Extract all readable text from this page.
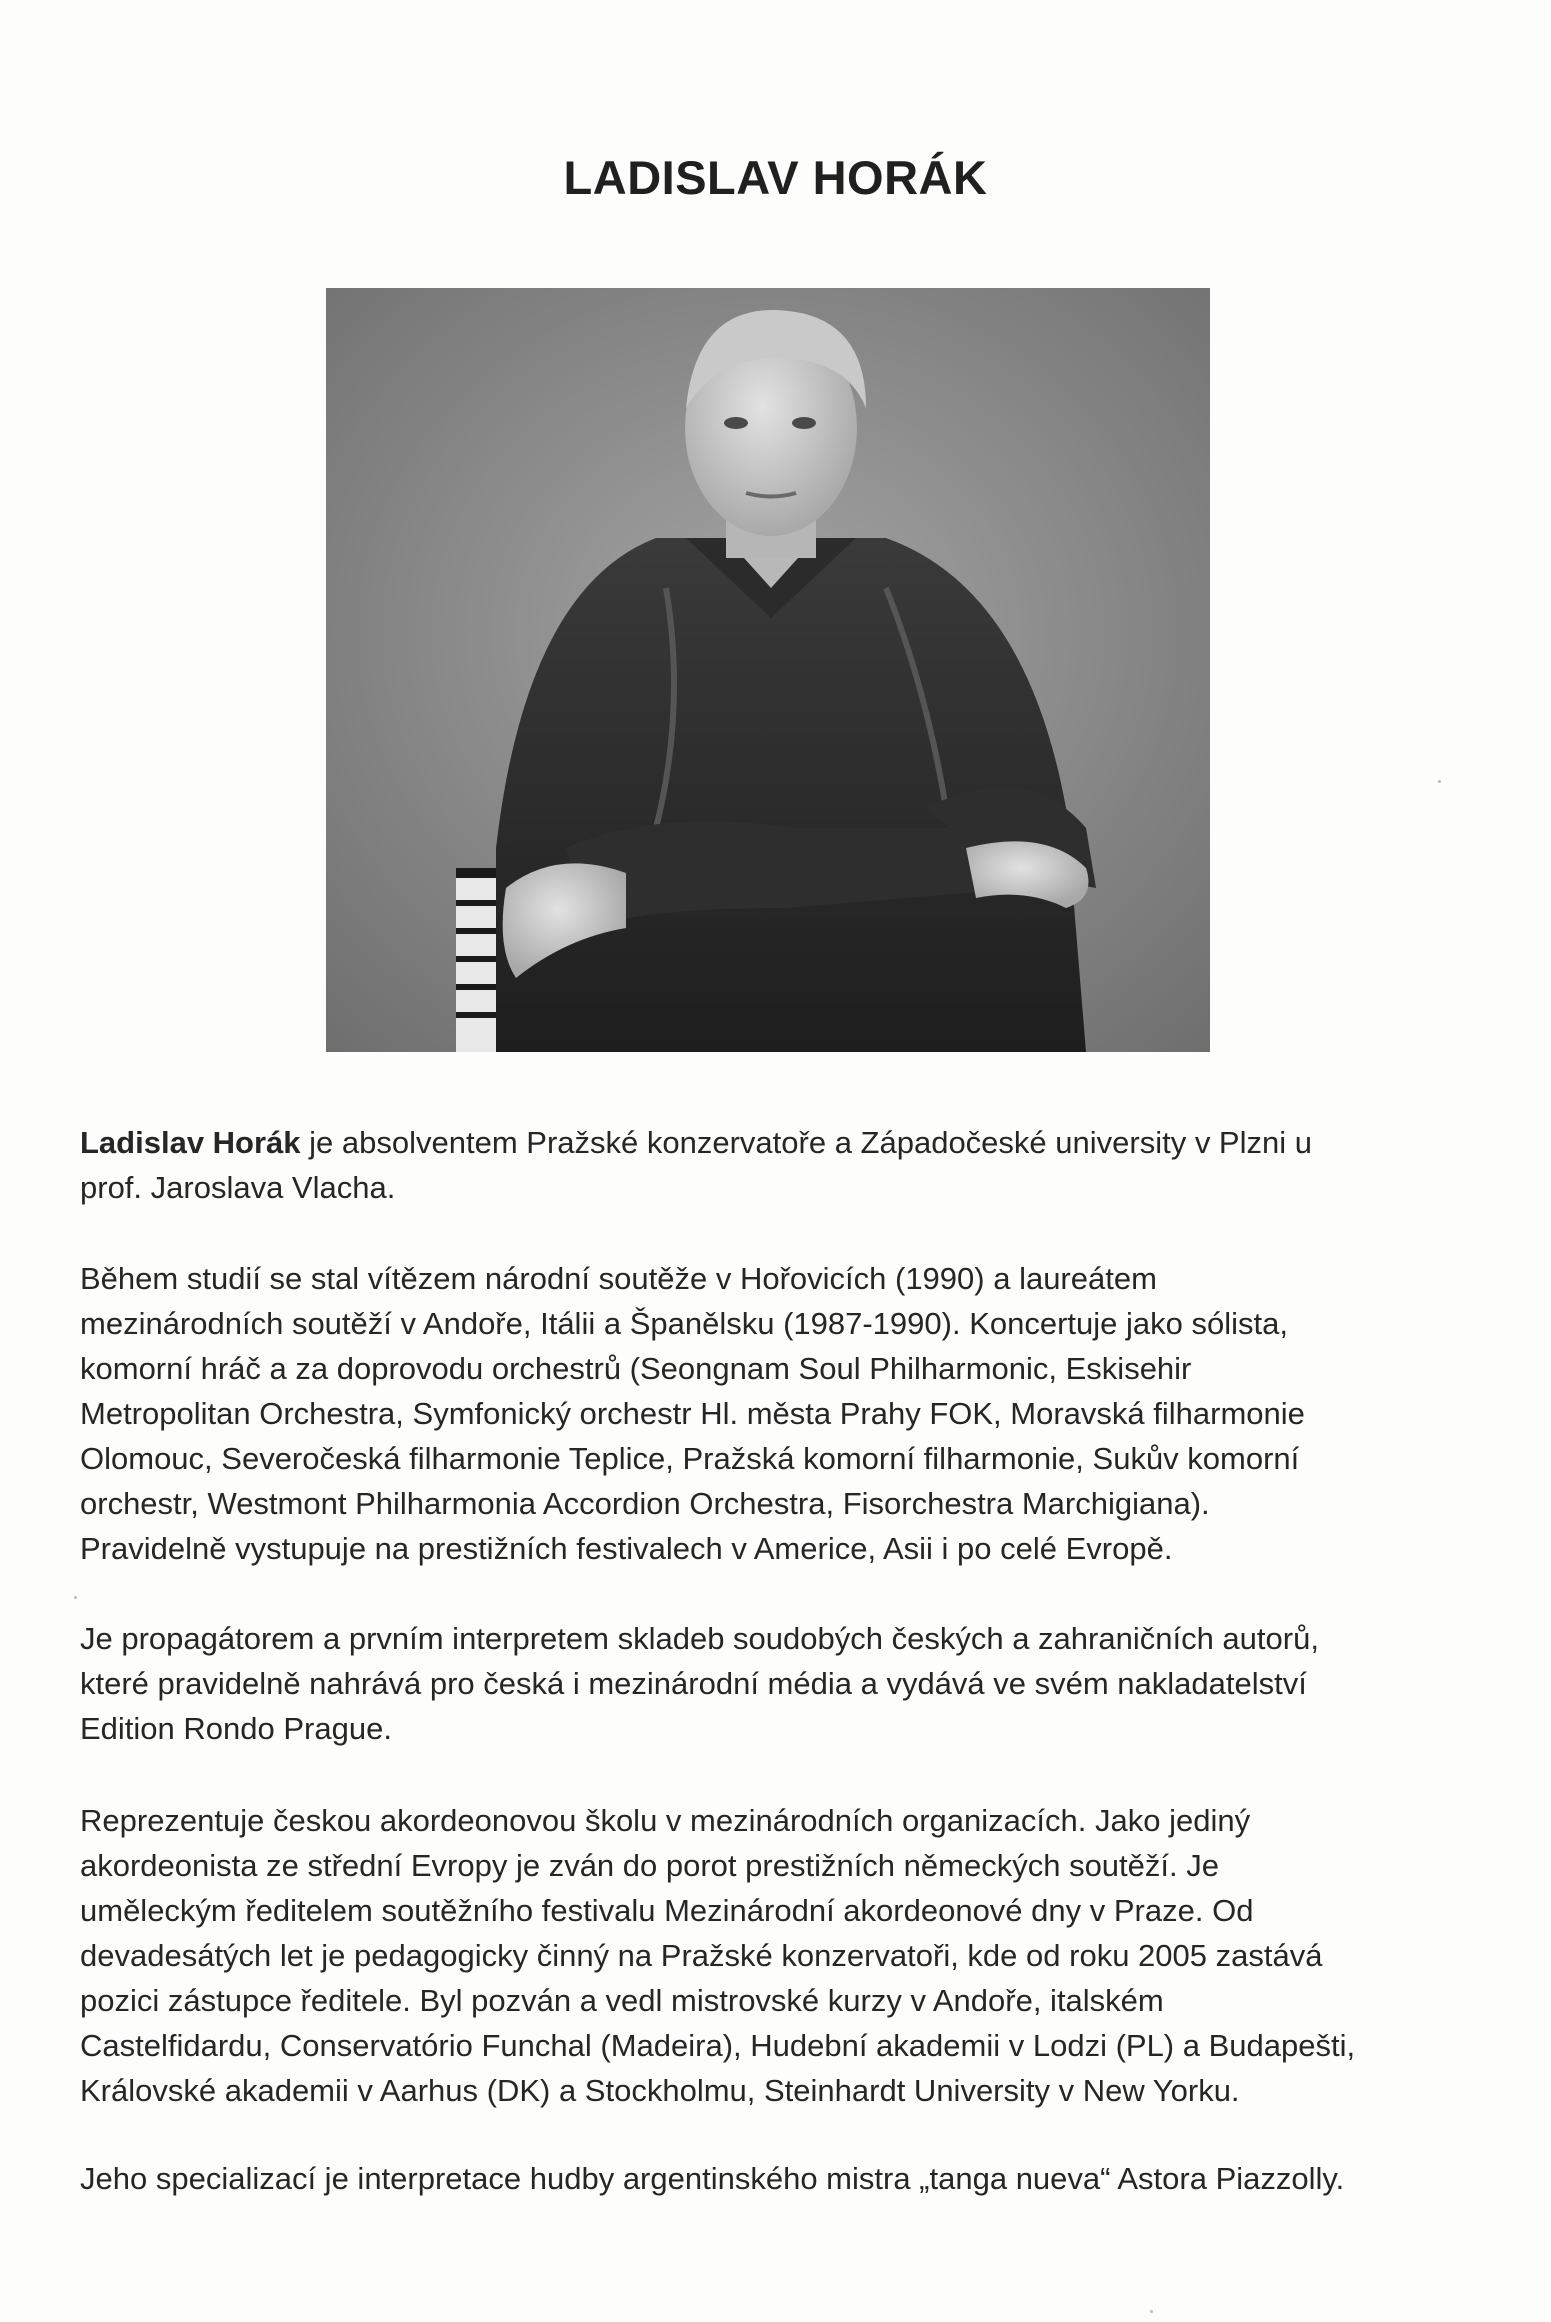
LADISLAV HORÁK
Ladislav Horák je absolventem Pražské konzervatoře a Západočeské university v Plzni u
prof. Jaroslava Vlacha.
Během studií se stal vítězem národní soutěže v Hořovicích (1990) a laureátem
mezinárodních soutěží v Andoře, Itálii a Španělsku (1987-1990). Koncertuje jako sólista,
komorní hráč a za doprovodu orchestrů (Seongnam Soul Philharmonic, Eskisehir
Metropolitan Orchestra, Symfonický orchestr Hl. města Prahy FOK, Moravská filharmonie
Olomouc, Severočeská filharmonie Teplice, Pražská komorní filharmonie, Sukův komorní
orchestr, Westmont Philharmonia Accordion Orchestra, Fisorchestra Marchigiana).
Pravidelně vystupuje na prestižních festivalech v Americe, Asii i po celé Evropě.
Je propagátorem a prvním interpretem skladeb soudobých českých a zahraničních autorů,
které pravidelně nahrává pro česká i mezinárodní média a vydává ve svém nakladatelství
Edition Rondo Prague.
Reprezentuje českou akordeonovou školu v mezinárodních organizacích. Jako jediný
akordeonista ze střední Evropy je zván do porot prestižních německých soutěží. Je
uměleckým ředitelem soutěžního festivalu Mezinárodní akordeonové dny v Praze. Od
devadesátých let je pedagogicky činný na Pražské konzervatoři, kde od roku 2005 zastává
pozici zástupce ředitele. Byl pozván a vedl mistrovské kurzy v Andoře, italském
Castelfidardu, Conservatório Funchal (Madeira), Hudební akademii v Lodzi (PL) a Budapešti,
Královské akademii v Aarhus (DK) a Stockholmu, Steinhardt University v New Yorku.
Jeho specializací je interpretace hudby argentinského mistra „tanga nueva“ Astora Piazzolly.
